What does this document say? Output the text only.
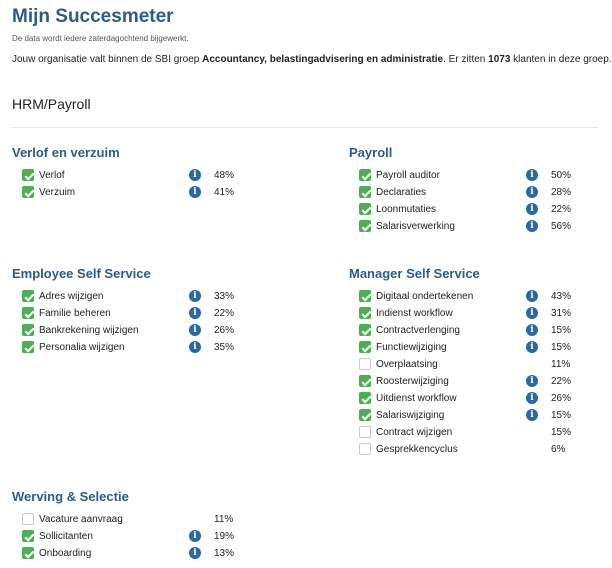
Mijn Succesmeter
De data wordt iedere zaterdagochtend bijgewerkt.
Jouw organisatie valt binnen de SBI groep Accountancy, belastingadvisering en administratie. Er zitten 1073 klanten in deze groep.
HRM/Payroll
Verlof en verzuim
Verlof	i	48%
Verzuim	i	41%
Payroll
Payroll auditor	i	50%
Declaraties	i	28%
Loonmutaties	i	22%
Salarisverwerking	i	56%
Employee Self Service
Adres wijzigen	i	33%
Familie beheren	i	22%
Bankrekening wijzigen	i	26%
Personalia wijzigen	i	35%
Manager Self Service
Digitaal ondertekenen	i	43%
Indienst workflow	i	31%
Contractverlenging	i	15%
Functiewijziging	i	15%
Overplaatsing	11%
Roosterwijziging	i	22%
Uitdienst workflow	i	26%
Salariswijziging	i	15%
Contract wijzigen	15%
Gesprekkencyclus	6%
Werving & Selectie
Vacature aanvraag	11%
Sollicitanten	i	19%
Onboarding	i	13%
